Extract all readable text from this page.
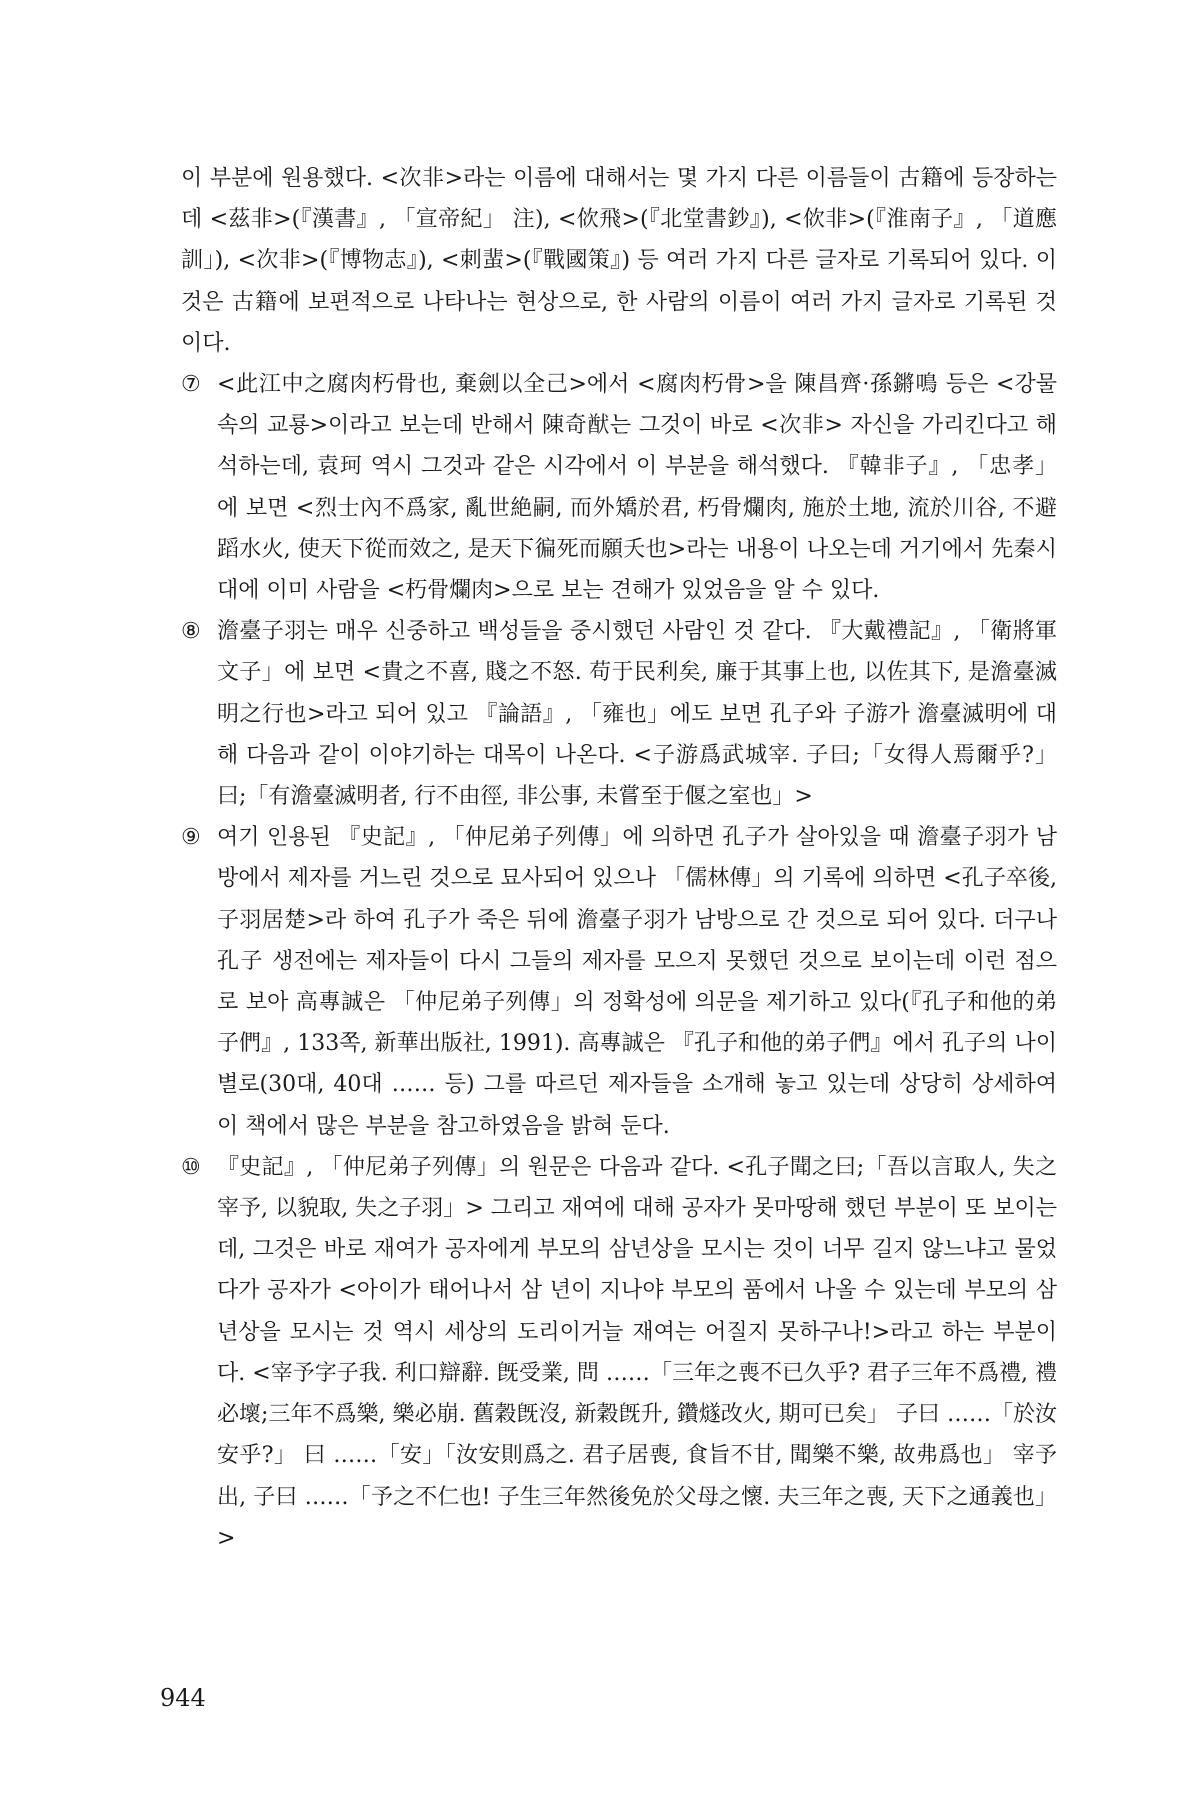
이 부분에 원용했다. <次非>라는 이름에 대해서는 몇 가지 다른 이름들이 古籍에 등장하는데 <茲非>(『漢書』, 「宣帝紀」 注), <佽飛>(『北堂書鈔』), <佽非>(『淮南子』, 「道應訓」), <次非>(『博物志』), <刺蜚>(『戰國策』) 등 여러 가지 다른 글자로 기록되어 있다. 이것은 古籍에 보편적으로 나타나는 현상으로, 한 사람의 이름이 여러 가지 글자로 기록된 것이다.

⑦ <此江中之腐肉朽骨也, 棄劍以全己>에서 <腐肉朽骨>을 陳昌齊·孫鏘鳴 등은 <강물 속의 교룡>이라고 보는데 반해서 陳奇猷는 그것이 바로 <次非> 자신을 가리킨다고 해석하는데, 袁珂 역시 그것과 같은 시각에서 이 부분을 해석했다. 『韓非子』, 「忠孝」에 보면 <烈士內不爲家, 亂世絶嗣, 而外矯於君, 朽骨爛肉, 施於土地, 流於川谷, 不避蹈水火, 使天下從而效之, 是天下徧死而願夭也>라는 내용이 나오는데 거기에서 先秦시대에 이미 사람을 <朽骨爛肉>으로 보는 견해가 있었음을 알 수 있다.

⑧ 澹臺子羽는 매우 신중하고 백성들을 중시했던 사람인 것 같다. 『大戴禮記』, 「衛將軍文子」에 보면 <貴之不喜, 賤之不怒. 苟于民利矣, 廉于其事上也, 以佐其下, 是澹臺滅明之行也>라고 되어 있고 『論語』, 「雍也」에도 보면 孔子와 子游가 澹臺滅明에 대해 다음과 같이 이야기하는 대목이 나온다. <子游爲武城宰. 子曰;「女得人焉爾乎?」 曰;「有澹臺滅明者, 行不由徑, 非公事, 未嘗至于偃之室也」>

⑨ 여기 인용된 『史記』, 「仲尼弟子列傳」에 의하면 孔子가 살아있을 때 澹臺子羽가 남방에서 제자를 거느린 것으로 묘사되어 있으나 「儒林傳」의 기록에 의하면 <孔子卒後, 子羽居楚>라 하여 孔子가 죽은 뒤에 澹臺子羽가 남방으로 간 것으로 되어 있다. 더구나 孔子 생전에는 제자들이 다시 그들의 제자를 모으지 못했던 것으로 보이는데 이런 점으로 보아 高專誠은 「仲尼弟子列傳」의 정확성에 의문을 제기하고 있다(『孔子和他的弟子們』, 133쪽, 新華出版社, 1991). 高專誠은 『孔子和他的弟子們』에서 孔子의 나이별로(30대, 40대 …… 등) 그를 따르던 제자들을 소개해 놓고 있는데 상당히 상세하여 이 책에서 많은 부분을 참고하였음을 밝혀 둔다.

⑩ 『史記』, 「仲尼弟子列傳」의 원문은 다음과 같다. <孔子聞之曰;「吾以言取人, 失之宰予, 以貌取, 失之子羽」> 그리고 재여에 대해 공자가 못마땅해 했던 부분이 또 보이는데, 그것은 바로 재여가 공자에게 부모의 삼년상을 모시는 것이 너무 길지 않느냐고 물었다가 공자가 <아이가 태어나서 삼 년이 지나야 부모의 품에서 나올 수 있는데 부모의 삼년상을 모시는 것 역시 세상의 도리이거늘 재여는 어질지 못하구나!>라고 하는 부분이다. <宰予字子我. 利口辯辭. 旣受業, 問 ……「三年之喪不已久乎? 君子三年不爲禮, 禮必壞;三年不爲樂, 樂必崩. 舊穀旣沒, 新穀旣升, 鑽燧改火, 期可已矣」 子曰 ……「於汝安乎?」 曰 ……「安」「汝安則爲之. 君子居喪, 食旨不甘, 聞樂不樂, 故弗爲也」 宰予出, 子曰 ……「予之不仁也! 子生三年然後免於父母之懷. 夫三年之喪, 天下之通義也」>

944
